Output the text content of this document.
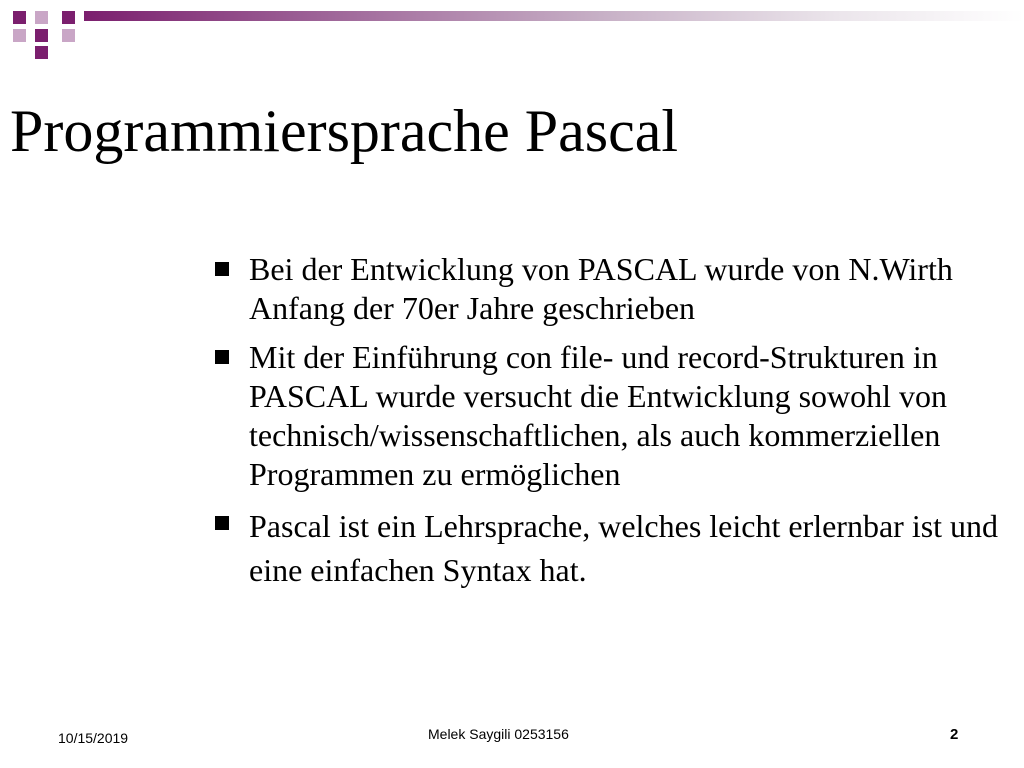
Programmiersprache Pascal
Bei der Entwicklung von PASCAL wurde von N.Wirth Anfang der 70er Jahre geschrieben
Mit der Einführung con file- und record-Strukturen in PASCAL wurde versucht die Entwicklung sowohl von technisch/wissenschaftlichen, als auch kommerziellen Programmen zu ermöglichen
Pascal ist ein Lehrsprache, welches leicht erlernbar ist und eine einfachen Syntax hat.
10/15/2019	Melek Saygili 0253156	2
